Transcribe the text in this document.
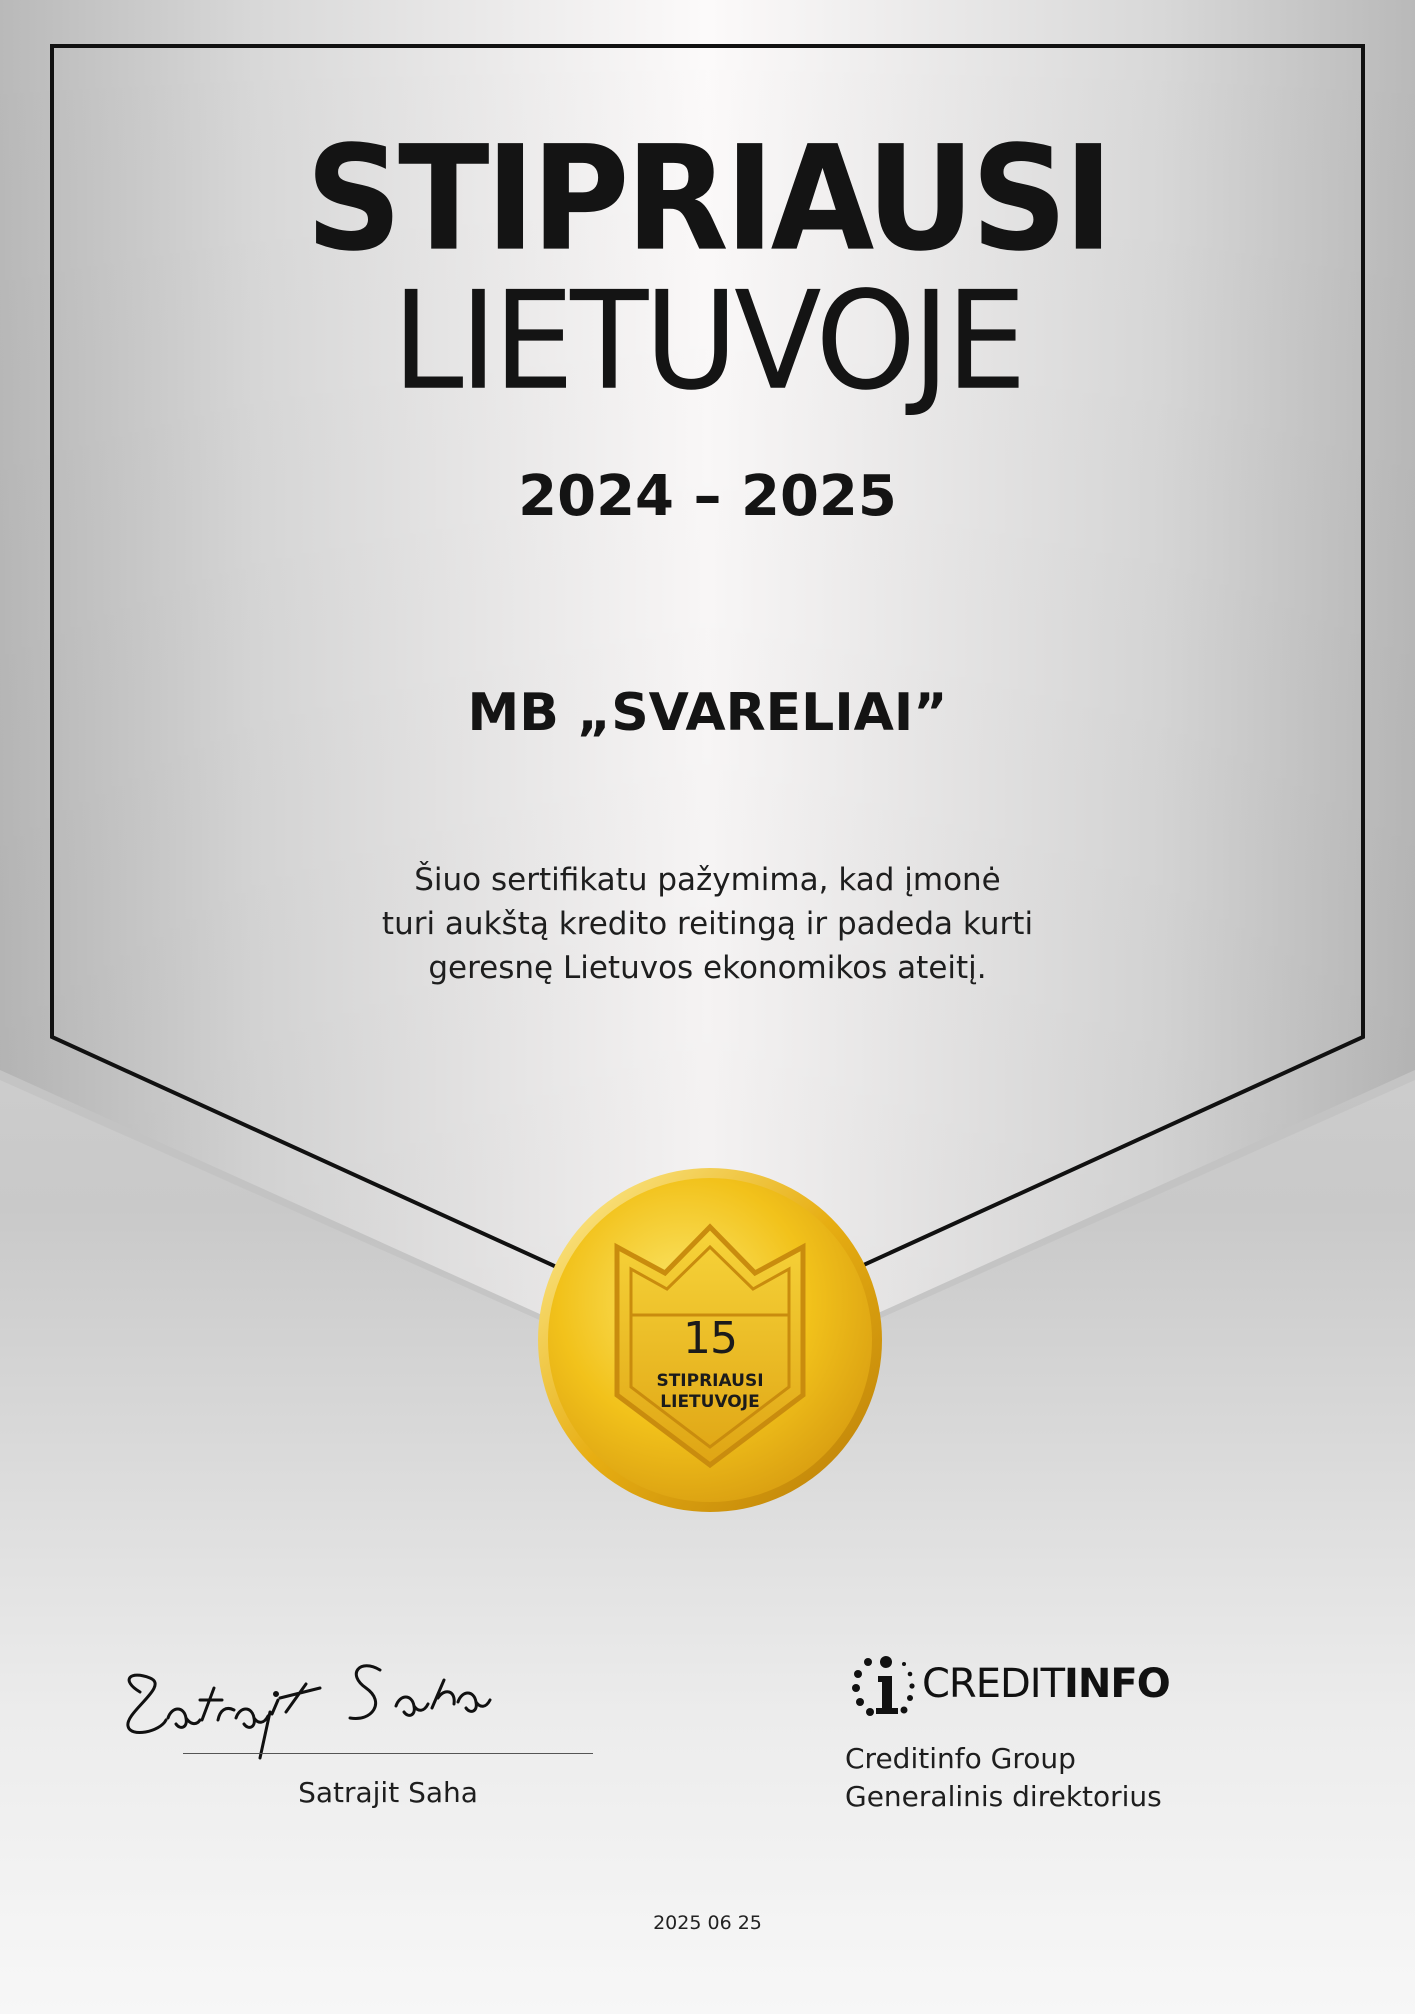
STIPRIAUSI
LIETUVOJE
2024 – 2025
MB „SVARELIAI”
Šiuo sertifikatu pažymima, kad įmonė
turi aukštą kredito reitingą ir padeda kurti
geresnę Lietuvos ekonomikos ateitį.
15
STIPRIAUSI
LIETUVOJE
Satrajit Saha
CREDITINFO
Creditinfo Group
Generalinis direktorius
2025 06 25
